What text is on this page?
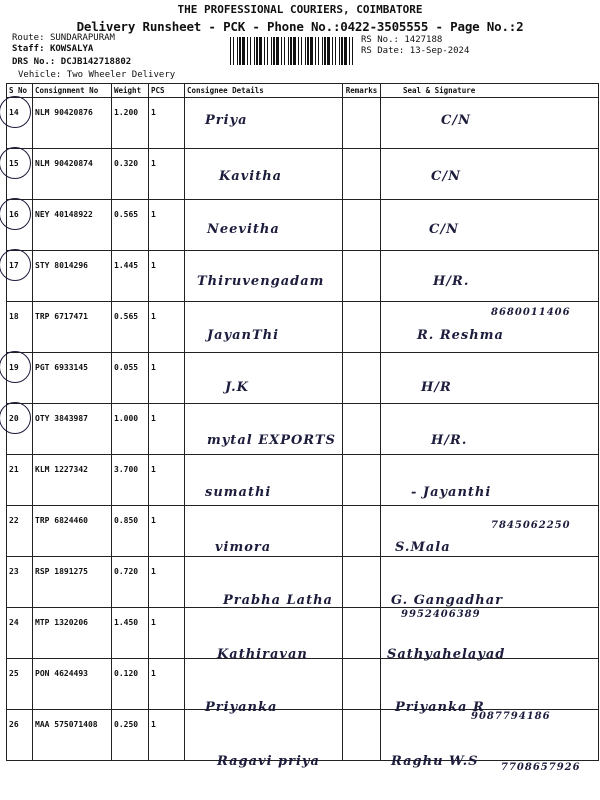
THE PROFESSIONAL COURIERS, COIMBATORE
Delivery Runsheet - PCK - Phone No.:0422-3505555 - Page No.:2
Route: SUNDARAPURAM
Staff: KOWSALYA
DRS No.: DCJB142718802
Vehicle: Two Wheeler Delivery
RS No.: 1427188
RS Date: 13-Sep-2024
S No	Consignment No	Weight	PCS	Consignee Details	Remarks	Seal & Signature

14	NLM 90420876	1.200	1	Priya		C/N

15	NLM 90420874	0.320	1	Kavitha		C/N

16	NEY 40148922	0.565	1	Neevitha		C/N

17	STY 8014296	1.445	1	Thiruvengadam		H/R.

18	TRP 6717471	0.565	1	JayanThi		R. Reshma
8680011406

19	PGT 6933145	0.055	1	J.K		H/R

20	OTY 3843987	1.000	1	mytal EXPORTS		H/R.

21	KLM 1227342	3.700	1	sumathi		- Jayanthi

22	TRP 6824460	0.850	1	vimora		S.Mala
7845062250

23	RSP 1891275	0.720	1	Prabha Latha		G. Gangadhar
9952406389

24	MTP 1320206	1.450	1	Kathiravan		Sathyahelayad

25	PON 4624493	0.120	1	Priyanka		Priyanka R
9087794186

26	MAA 575071408	0.250	1	Ragavi priya		Raghu W.S 7708657926
